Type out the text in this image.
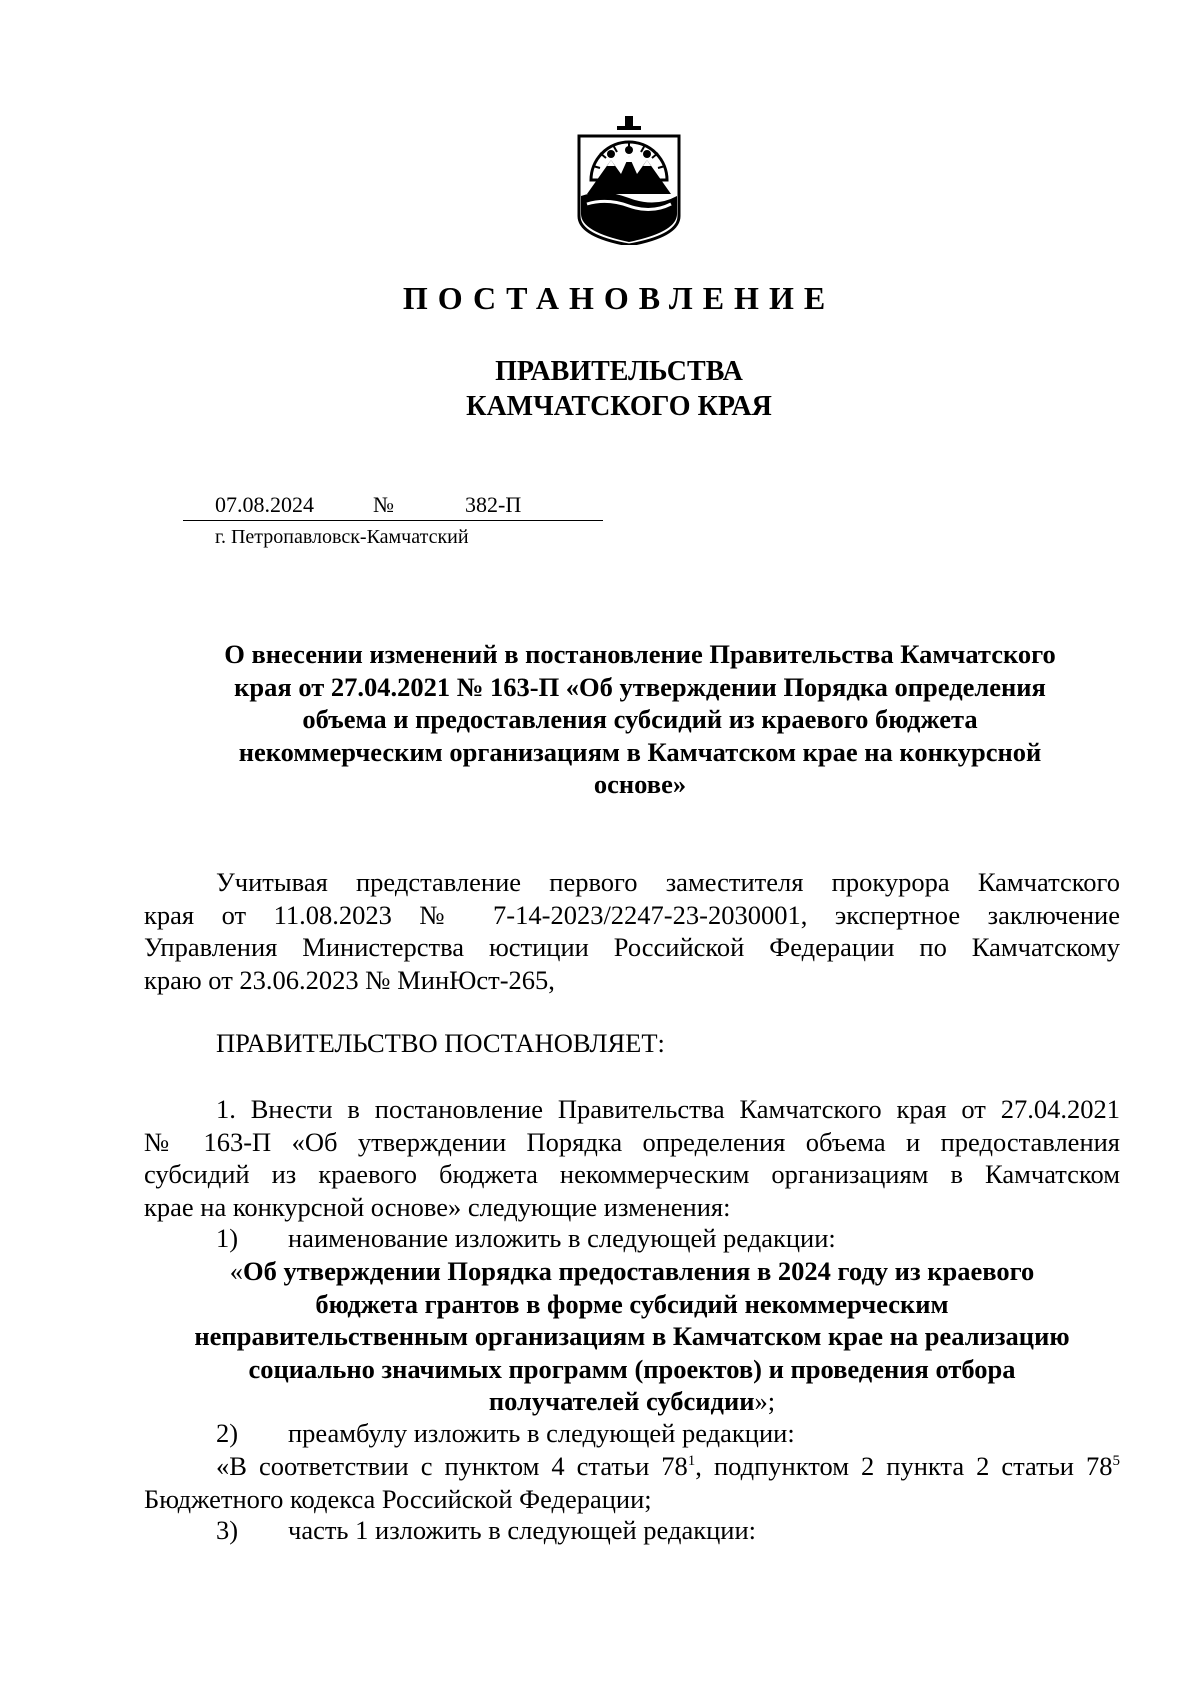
ПОСТАНОВЛЕНИЕ
ПРАВИТЕЛЬСТВА
КАМЧАТСКОГО КРАЯ
07.08.2024	№	382-П
г. Петропавловск-Камчатский
О внесении изменений в постановление Правительства Камчатского
края от 27.04.2021 № 163-П «Об утверждении Порядка определения
объема и предоставления субсидий из краевого бюджета
некоммерческим организациям в Камчатском крае на конкурсной
основе»
Учитывая представление первого заместителя прокурора Камчатского
края от 11.08.2023 № 7-14-2023/2247-23-2030001, экспертное заключение
Управления Министерства юстиции Российской Федерации по Камчатскому
краю от 23.06.2023 № МинЮст-265,
ПРАВИТЕЛЬСТВО ПОСТАНОВЛЯЕТ:
1. Внести в постановление Правительства Камчатского края от 27.04.2021
№ 163-П «Об утверждении Порядка определения объема и предоставления
субсидий из краевого бюджета некоммерческим организациям в Камчатском
крае на конкурсной основе» следующие изменения:
1) наименование изложить в следующей редакции:
«Об утверждении Порядка предоставления в 2024 году из краевого
бюджета грантов в форме субсидий некоммерческим
неправительственным организациям в Камчатском крае на реализацию
социально значимых программ (проектов) и проведения отбора
получателей субсидии»;
2) преамбулу изложить в следующей редакции:
«В соответствии с пунктом 4 статьи $78^1$, подпунктом 2 пункта 2 статьи $78^5$
Бюджетного кодекса Российской Федерации;
3) часть 1 изложить в следующей редакции:
